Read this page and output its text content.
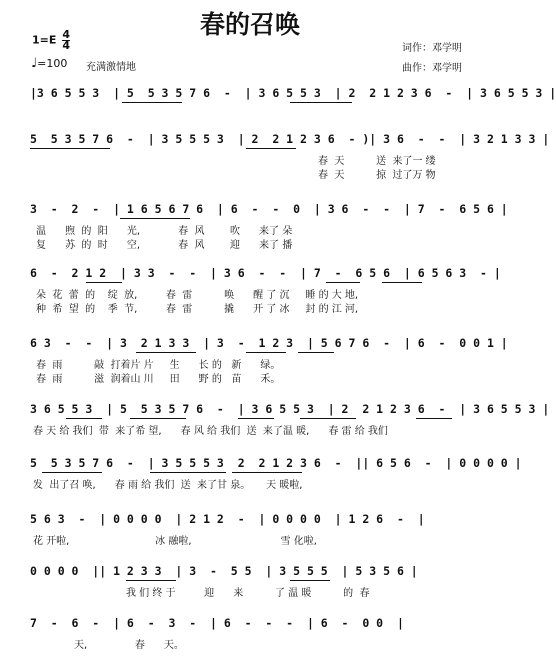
春的召唤
$1=E \frac{4}{4}$
♩=100 充满激情地
词作：邓学明
曲作：邓学明
|3 6 5 5 3  | 5  5 3 5 7 6  -  | 3 6 5 5 3  | 2  2 1 2 3 6  -  | 3 6 5 5 3 |
5  5 3 5 7 6  -  | 3 5 5 5 3  | 2  2 1 2 3 6  - )| 3 6  -  -  | 3 2 1 3 3 |
春  天          送  来了一 缕
春  天          掠  过了万 物
3  -  2  -  | 1 6 5 6 7 6  | 6  -  -  0  | 3 6  -  -  | 7  -  6 5 6 |
温      煦  的  阳      光,            春  风        吹      来了 朵
复      苏  的  时      空,            春  风        迎      来了 播
6  -  2 1 2  | 3 3  -  -  | 3 6  -  -  | 7  -  6 5 6  | 6 5 6 3  - |
朵  花  蕾  的    绽  放,         春  雷          唤      醒 了 沉     睡 的 大 地,
种  希  望  的    季  节,         春  雷          撬      开 了 冰     封 的 江 河,
6 3  -  -  | 3  2 1 3 3  | 3  -  1 2 3  | 5 6 7 6  -  | 6  -  0 0 1 |
春  雨          敲  打着片 片     生      长 的   新      绿。
春  雨          滋  润着山 川     田      野 的   苗      禾。
3 6 5 5 3  | 5  5 3 5 7 6  -  | 3 6 5 5 3  | 2  2 1 2 3 6  -  | 3 6 5 5 3 |
春 天 给 我们  带  来了希 望,      春 风 给 我们  送  来了温 暖,      春 雷 给 我们
5  5 3 5 7 6  -  | 3 5 5 5 3  2  2 1 2 3 6  -  || 6 5 6  -  | 0 0 0 0 |
发  出了召 唤,      春 雨 给 我们  送  来了甘 泉。     天 暖啦,
5 6 3  -  | 0 0 0 0  | 2 1 2  -  | 0 0 0 0  | 1 2 6  -  |
花 开啦,                           冰 融啦,                            雪 化啦,
0 0 0 0  || 1 2 3 3  | 3  -  5 5  | 3 5 5 5  | 5 3 5 6 |
我 们 终 于         迎      来          了 温 暖          的  春
7  -  6  -  | 6  -  3  -  | 6  -  -  -  | 6  -  0 0  |
天,               春      天。
